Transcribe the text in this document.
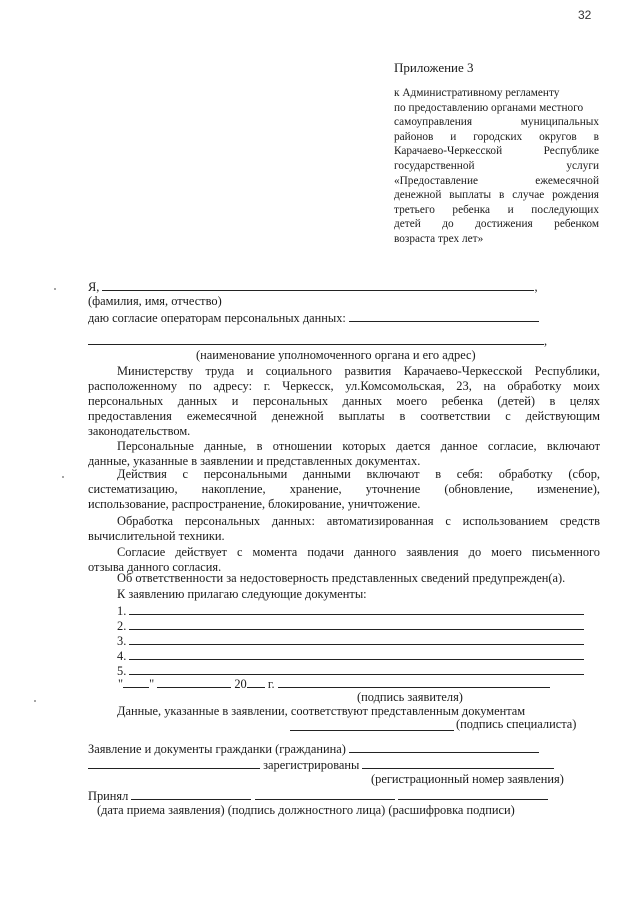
32
Приложение 3
к Административному регламенту
по предоставлению органами местного
самоуправления муниципальных
районов и городских округов в
Карачаево-Черкесской Республике
государственной услуги
«Предоставление ежемесячной
денежной выплаты в случае рождения
третьего ребенка и последующих
детей до достижения ребенком
возраста трех лет»
Я,	,
(фамилия, имя, отчество)
даю согласие операторам персональных данных:
,
(наименование уполномоченного органа и его адрес)
Министерству труда и социального развития Карачаево-Черкесской Республики,
расположенному по адресу: г. Черкесск, ул.Комсомольская, 23, на обработку моих
персональных данных и персональных данных моего ребенка (детей) в целях
предоставления ежемесячной денежной выплаты в соответствии с действующим
законодательством.
Персональные данные, в отношении которых дается данное согласие, включают
данные, указанные в заявлении и представленных документах.
Действия с персональными данными включают в себя: обработку (сбор,
систематизацию, накопление, хранение, уточнение (обновление, изменение),
использование, распространение, блокирование, уничтожение.
Обработка персональных данных: автоматизированная с использованием средств
вычислительной техники.
Согласие действует с момента подачи данного заявления до моего письменного
отзыва данного согласия.
Об ответственности за недостоверность представленных сведений предупрежден(а).
К заявлению прилагаю следующие документы:
1.
2.
3.
4.
5.
" "	20 г.
(подпись заявителя)
Данные, указанные в заявлении, соответствуют представленным документам
(подпись специалиста)
Заявление и документы гражданки (гражданина)
зарегистрированы
(регистрационный номер заявления)
Принял
(дата приема заявления) (подпись должностного лица) (расшифровка подписи)
